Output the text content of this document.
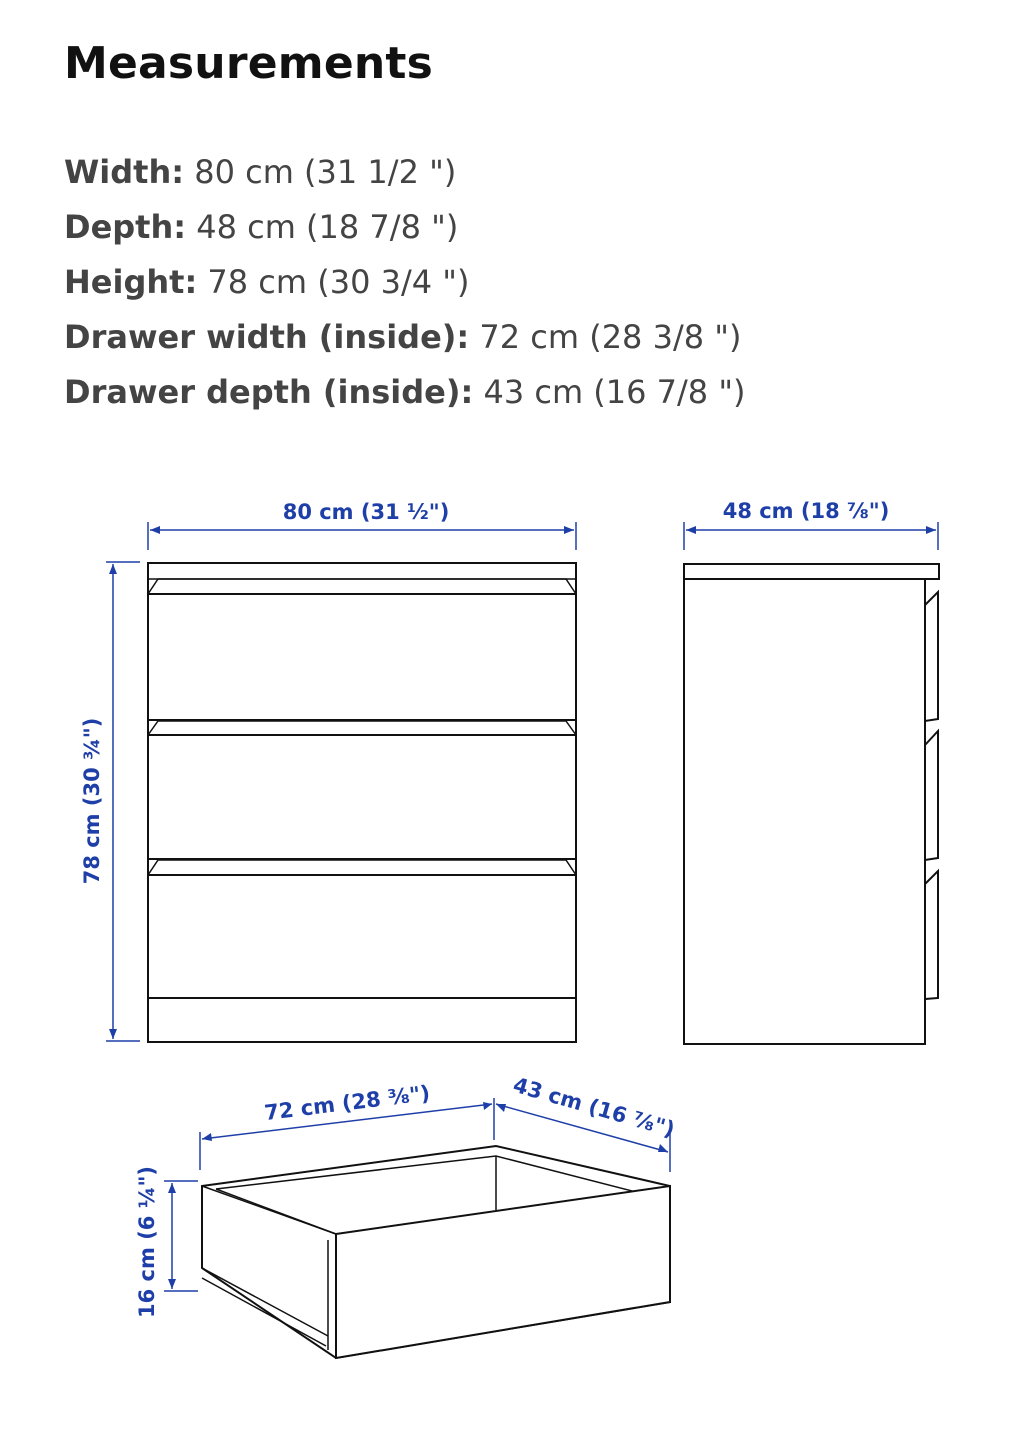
Measurements
Width: 80 cm (31 1/2 ")
Depth: 48 cm (18 7/8 ")
Height: 78 cm (30 3/4 ")
Drawer width (inside): 72 cm (28 3/8 ")
Drawer depth (inside): 43 cm (16 7/8 ")
80 cm (31 ½")
78 cm (30 ¾")
48 cm (18 ⅞")
72 cm (28 ⅜")	43 cm (16 ⅞")
16 cm (6 ¼")
